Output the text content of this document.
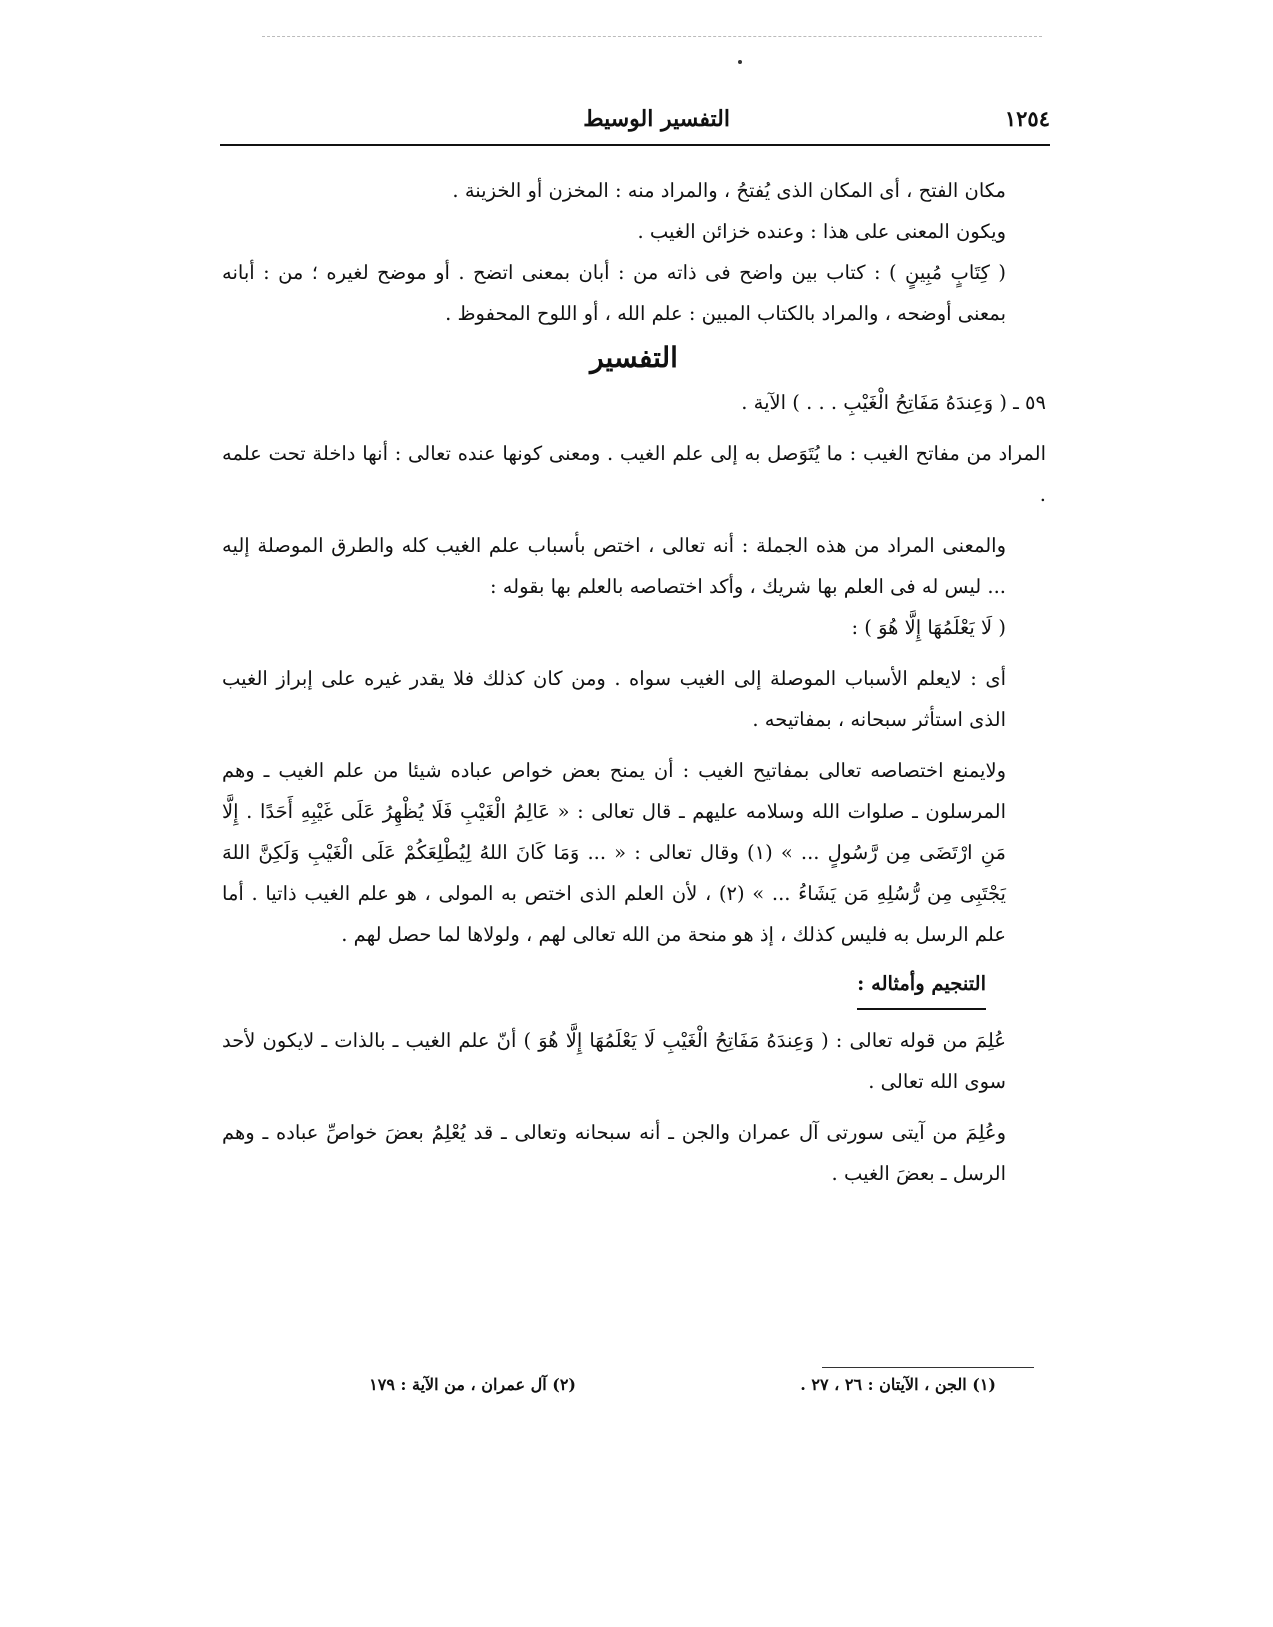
١٢٥٤
التفسير الوسيط

مكان الفتح ، أى المكان الذى يُفتحُ ، والمراد منه : المخزن أو الخزينة .

ويكون المعنى على هذا : وعنده خزائن الغيب .

( كِتَابٍ مُبِينٍ ) : كتاب بين واضح فى ذاته من : أبان بمعنى اتضح . أو موضح لغيره ؛ من : أبانه بمعنى أوضحه ، والمراد بالكتاب المبين : علم الله ، أو اللوح المحفوظ .

التفسير

٥٩ ـ ( وَعِندَهُ مَفَاتِحُ الْغَيْبِ . . . ) الآية .

المراد من مفاتح الغيب : ما يُتَوَصل به إلى علم الغيب . ومعنى كونها عنده تعالى : أنها داخلة تحت علمه .

والمعنى المراد من هذه الجملة : أنه تعالى ، اختص بأسباب علم الغيب كله والطرق الموصلة إليه ... ليس له فى العلم بها شريك ، وأكد اختصاصه بالعلم بها بقوله :

( لَا يَعْلَمُهَا إِلَّا هُوَ ) :

أى : لايعلم الأسباب الموصلة إلى الغيب سواه . ومن كان كذلك فلا يقدر غيره على إبراز الغيب الذى استأثر سبحانه ، بمفاتيحه .

ولايمنع اختصاصه تعالى بمفاتيح الغيب : أن يمنح بعض خواص عباده شيئا من علم الغيب ـ وهم المرسلون ـ صلوات الله وسلامه عليهم ـ قال تعالى : « عَالِمُ الْغَيْبِ فَلَا يُظْهِرُ عَلَى غَيْبِهِ أَحَدًا . إِلَّا مَنِ ارْتَضَى مِن رَّسُولٍ ... » (١) وقال تعالى : « ... وَمَا كَانَ اللهُ لِيُطْلِعَكُمْ عَلَى الْغَيْبِ وَلَكِنَّ اللهَ يَجْتَبِى مِن رُّسُلِهِ مَن يَشَاءُ ... » (٢) ، لأن العلم الذى اختص به المولى ، هو علم الغيب ذاتيا . أما علم الرسل به فليس كذلك ، إذ هو منحة من الله تعالى لهم ، ولولاها لما حصل لهم .

التنجيم وأمثاله :

عُلِمَ من قوله تعالى : ( وَعِندَهُ مَفَاتِحُ الْغَيْبِ لَا يَعْلَمُهَا إِلَّا هُوَ ) أنّ علم الغيب ـ بالذات ـ لايكون لأحد سوى الله تعالى .

وعُلِمَ من آيتى سورتى آل عمران والجن ـ أنه سبحانه وتعالى ـ قد يُعْلِمُ بعضَ خواصِّ عباده ـ وهم الرسل ـ بعضَ الغيب .

(١) الجن ، الآيتان : ٢٦ ، ٢٧ .
(٢) آل عمران ، من الآية : ١٧٩
